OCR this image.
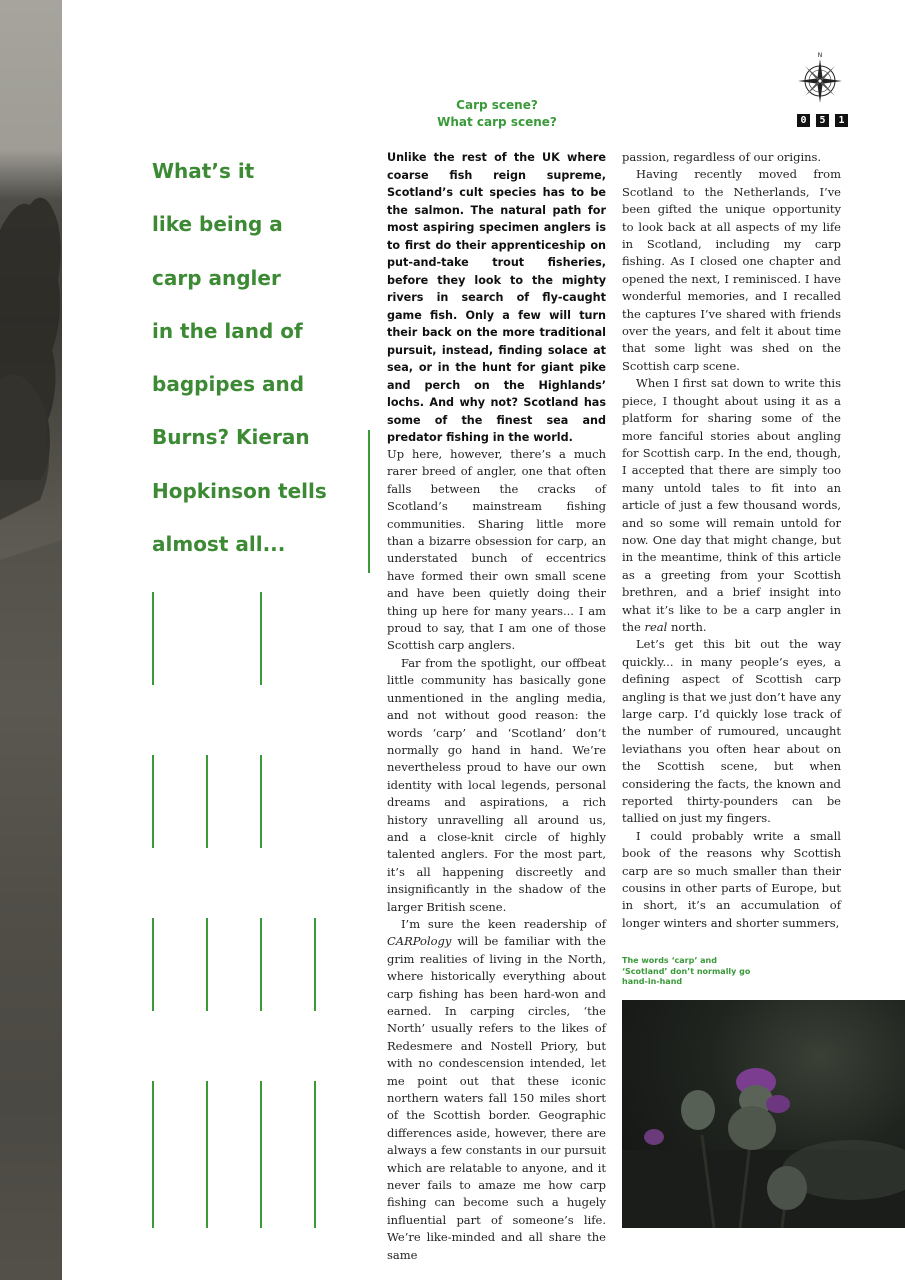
N
0	5	1
Carp scene?
What carp scene?
What’s it
like being a
carp angler
in the land of
bagpipes and
Burns? Kieran
Hopkinson tells
almost all...
Unlike the rest of the UK where coarse fish reign supreme, Scotland’s cult species has to be the salmon. The natural path for most aspiring specimen anglers is to first do their apprenticeship on put-and-take trout fisheries, before they look to the mighty rivers in search of fly-caught game fish. Only a few will turn their back on the more traditional pursuit, instead, finding solace at sea, or in the hunt for giant pike and perch on the Highlands’ lochs. And why not? Scotland has some of the finest sea and predator fishing in the world.

Up here, however, there’s a much rarer breed of angler, one that often falls between the cracks of Scotland’s mainstream fishing communities. Sharing little more than a bizarre obsession for carp, an understated bunch of eccentrics have formed their own small scene and have been quietly doing their thing up here for many years... I am proud to say, that I am one of those Scottish carp anglers.

Far from the spotlight, our offbeat little community has basically gone unmentioned in the angling media, and not without good reason: the words ‘carp’ and ‘Scotland’ don’t normally go hand in hand. We’re nevertheless proud to have our own identity with local legends, personal dreams and aspirations, a rich history unravelling all around us, and a close-knit circle of highly talented anglers. For the most part, it’s all happening discreetly and insignificantly in the shadow of the larger British scene.

I’m sure the keen readership of CARPology will be familiar with the grim realities of living in the North, where historically everything about carp fishing has been hard-won and earned. In carping circles, ‘the North’ usually refers to the likes of Redesmere and Nostell Priory, but with no condescension intended, let me point out that these iconic northern waters fall 150 miles short of the Scottish border. Geographic differences aside, however, there are always a few constants in our pursuit which are relatable to anyone, and it never fails to amaze me how carp fishing can become such a hugely influential part of someone’s life. We’re like-minded and all share the same

passion, regardless of our origins.

Having recently moved from Scotland to the Netherlands, I’ve been gifted the unique opportunity to look back at all aspects of my life in Scotland, including my carp fishing. As I closed one chapter and opened the next, I reminisced. I have wonderful memories, and I recalled the captures I’ve shared with friends over the years, and felt it about time that some light was shed on the Scottish carp scene.

When I first sat down to write this piece, I thought about using it as a platform for sharing some of the more fanciful stories about angling for Scottish carp. In the end, though, I accepted that there are simply too many untold tales to fit into an article of just a few thousand words, and so some will remain untold for now. One day that might change, but in the meantime, think of this article as a greeting from your Scottish brethren, and a brief insight into what it’s like to be a carp angler in the real north.

Let’s get this bit out the way quickly... in many people’s eyes, a defining aspect of Scottish carp angling is that we just don’t have any large carp. I’d quickly lose track of the number of rumoured, uncaught leviathans you often hear about on the Scottish scene, but when considering the facts, the known and reported thirty-pounders can be tallied on just my fingers.

I could probably write a small book of the reasons why Scottish carp are so much smaller than their cousins in other parts of Europe, but in short, it’s an accumulation of longer winters and shorter summers,

The words ‘carp’ and ‘Scotland’ don’t normally go hand-in-hand
